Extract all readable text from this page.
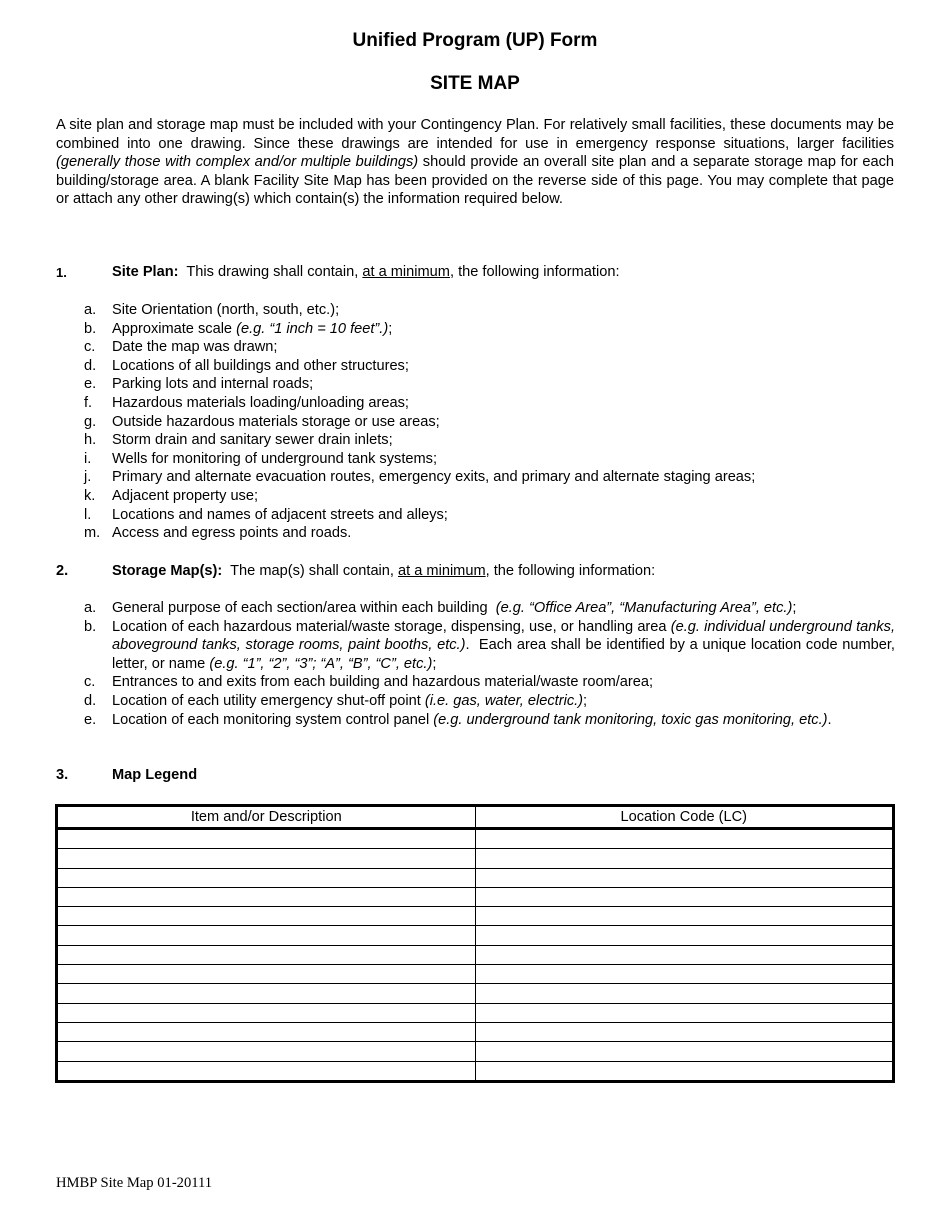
Unified Program (UP) Form
SITE MAP
A site plan and storage map must be included with your Contingency Plan. For relatively small facilities, these documents may be combined into one drawing. Since these drawings are intended for use in emergency response situations, larger facilities (generally those with complex and/or multiple buildings) should provide an overall site plan and a separate storage map for each building/storage area. A blank Facility Site Map has been provided on the reverse side of this page. You may complete that page or attach any other drawing(s) which contain(s) the information required below.
1.	Site Plan:  This drawing shall contain, at a minimum, the following information:
a. Site Orientation (north, south, etc.);
b. Approximate scale (e.g. “1 inch = 10 feet”.);
c. Date the map was drawn;
d. Locations of all buildings and other structures;
e. Parking lots and internal roads;
f. Hazardous materials loading/unloading areas;
g. Outside hazardous materials storage or use areas;
h. Storm drain and sanitary sewer drain inlets;
i. Wells for monitoring of underground tank systems;
j. Primary and alternate evacuation routes, emergency exits, and primary and alternate staging areas;
k. Adjacent property use;
l. Locations and names of adjacent streets and alleys;
m. Access and egress points and roads.
2.	Storage Map(s):  The map(s) shall contain, at a minimum, the following information:
a. General purpose of each section/area within each building  (e.g. “Office Area”, “Manufacturing Area”, etc.);
b. Location of each hazardous material/waste storage, dispensing, use, or handling area (e.g. individual underground tanks, aboveground tanks, storage rooms, paint booths, etc.).  Each area shall be identified by a unique location code number, letter, or name (e.g. “1”, “2”, “3”; “A”, “B”, “C”, etc.);
c. Entrances to and exits from each building and hazardous material/waste room/area;
d. Location of each utility emergency shut-off point (i.e. gas, water, electric.);
e. Location of each monitoring system control panel (e.g. underground tank monitoring, toxic gas monitoring, etc.).
3.	Map Legend
Item and/or Description	Location Code (LC)

HMBP Site Map 01-20111
